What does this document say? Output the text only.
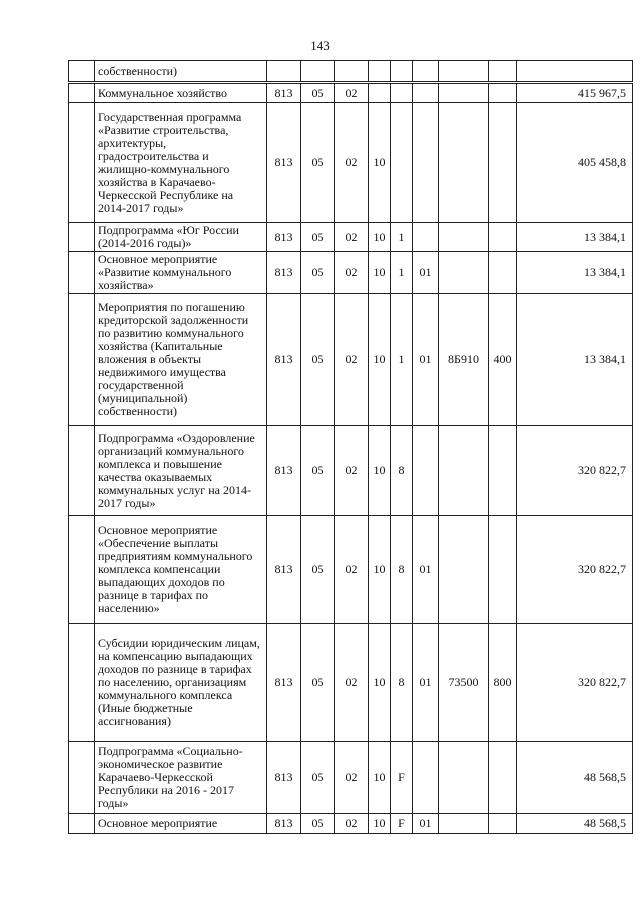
143
	собственности)									
	Коммунальное хозяйство	813	05	02						415 967,5
	Государственная программа «Развитие строительства, архитектуры, градостроительства и жилищно-коммунального хозяйства в Карачаево-Черкесской Республике на 2014-2017 годы»	813	05	02	10					405 458,8
	Подпрограмма «Юг России (2014-2016 годы)»	813	05	02	10	1				13 384,1
	Основное мероприятие «Развитие коммунального хозяйства»	813	05	02	10	1	01			13 384,1
	Мероприятия по погашению кредиторской задолженности по развитию коммунального хозяйства (Капитальные вложения в объекты недвижимого имущества государственной (муниципальной) собственности)	813	05	02	10	1	01	8Б910	400	13 384,1
	Подпрограмма «Оздоровление организаций коммунального комплекса и повышение качества оказываемых коммунальных услуг на 2014-2017 годы»	813	05	02	10	8				320 822,7
	Основное мероприятие «Обеспечение выплаты предприятиям коммунального комплекса компенсации выпадающих доходов по разнице в тарифах по населению»	813	05	02	10	8	01			320 822,7
	Субсидии юридическим лицам, на компенсацию выпадающих доходов по разнице в тарифах по населению, организациям коммунального комплекса (Иные бюджетные ассигнования)	813	05	02	10	8	01	73500	800	320 822,7
	Подпрограмма «Социально-экономическое развитие Карачаево-Черкесской Республики на 2016 - 2017 годы»	813	05	02	10	F				48 568,5
	Основное мероприятие	813	05	02	10	F	01			48 568,5
